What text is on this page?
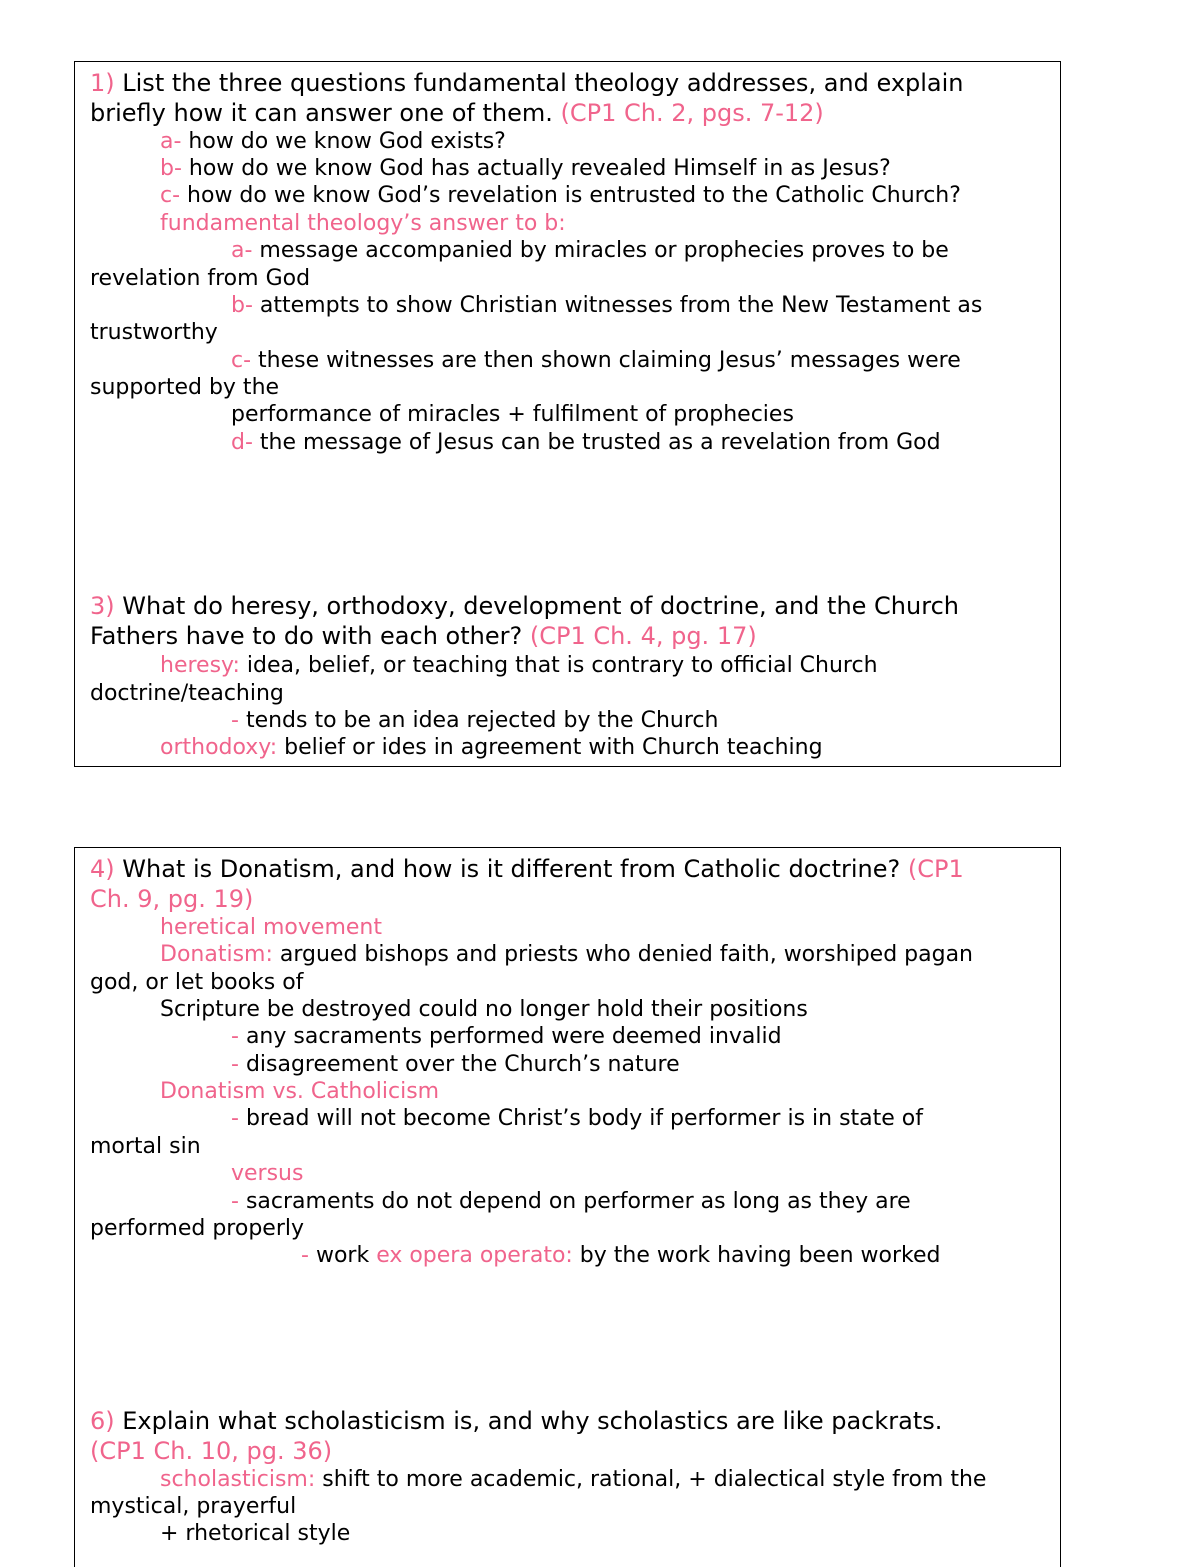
1) List the three questions fundamental theology addresses, and explain
briefly how it can answer one of them. (CP1 Ch. 2, pgs. 7-12)
a- how do we know God exists?
b- how do we know God has actually revealed Himself in as Jesus?
c- how do we know God’s revelation is entrusted to the Catholic Church?
fundamental theology’s answer to b:
a- message accompanied by miracles or prophecies proves to be
revelation from God
b- attempts to show Christian witnesses from the New Testament as
trustworthy
c- these witnesses are then shown claiming Jesus’ messages were
supported by the
performance of miracles + fulfilment of prophecies
d- the message of Jesus can be trusted as a revelation from God
3) What do heresy, orthodoxy, development of doctrine, and the Church
Fathers have to do with each other? (CP1 Ch. 4, pg. 17)
heresy: idea, belief, or teaching that is contrary to official Church
doctrine/teaching
- tends to be an idea rejected by the Church
orthodoxy: belief or ides in agreement with Church teaching
4) What is Donatism, and how is it different from Catholic doctrine? (CP1
Ch. 9, pg. 19)
heretical movement
Donatism: argued bishops and priests who denied faith, worshiped pagan
god, or let books of
Scripture be destroyed could no longer hold their positions
- any sacraments performed were deemed invalid
- disagreement over the Church’s nature
Donatism vs. Catholicism
- bread will not become Christ’s body if performer is in state of
mortal sin
versus
- sacraments do not depend on performer as long as they are
performed properly
- work ex opera operato: by the work having been worked
6) Explain what scholasticism is, and why scholastics are like packrats.
(CP1 Ch. 10, pg. 36)
scholasticism: shift to more academic, rational, + dialectical style from the
mystical, prayerful
+ rhetorical style
